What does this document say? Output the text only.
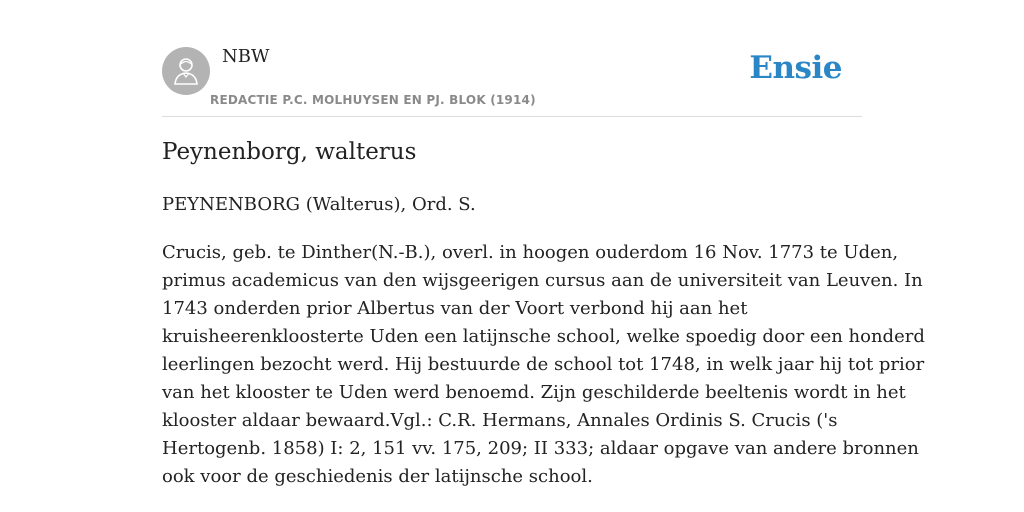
NBW
REDACTIE P.C. MOLHUYSEN EN PJ. BLOK (1914)
Ensie
Peynenborg, walterus

PEYNENBORG (Walterus), Ord. S.

Crucis, geb. te Dinther(N.-B.), overl. in hoogen ouderdom 16 Nov. 1773 te Uden,
primus academicus van den wijsgeerigen cursus aan de universiteit van Leuven. In
1743 onderden prior Albertus van der Voort verbond hij aan het
kruisheerenkloosterte Uden een latijnsche school, welke spoedig door een honderd
leerlingen bezocht werd. Hij bestuurde de school tot 1748, in welk jaar hij tot prior
van het klooster te Uden werd benoemd. Zijn geschilderde beeltenis wordt in het
klooster aldaar bewaard.Vgl.: C.R. Hermans, Annales Ordinis S. Crucis ('s
Hertogenb. 1858) I: 2, 151 vv. 175, 209; II 333; aldaar opgave van andere bronnen
ook voor de geschiedenis der latijnsche school.
